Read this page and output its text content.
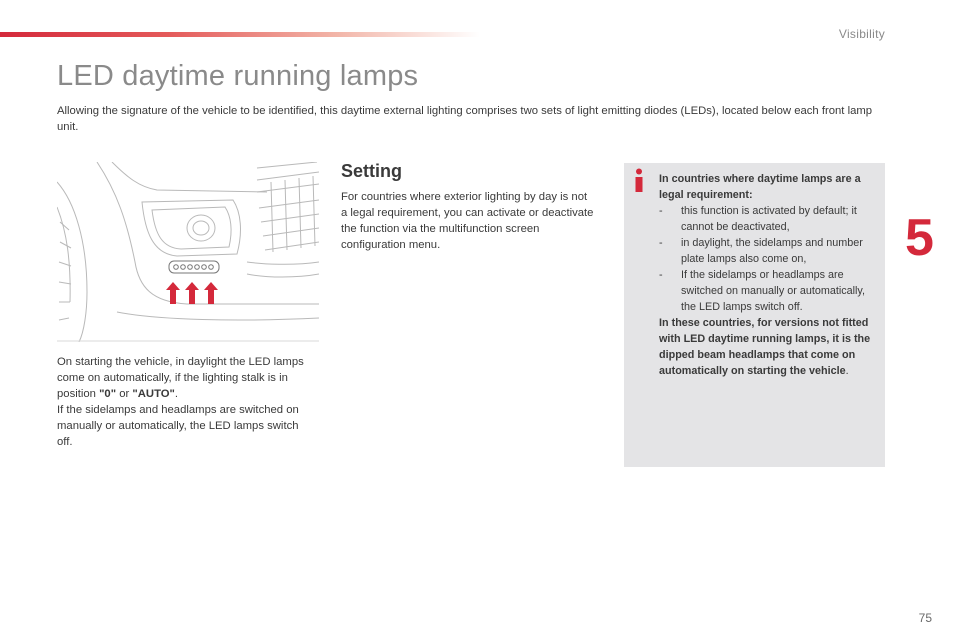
Visibility
LED daytime running lamps

Allowing the signature of the vehicle to be identified, this daytime external lighting comprises two sets of light emitting diodes (LEDs), located below each front lamp unit.

On starting the vehicle, in daylight the LED lamps come on automatically, if the lighting stalk is in position "0" or "AUTO".
If the sidelamps and headlamps are switched on manually or automatically, the LED lamps switch off.
Setting

For countries where exterior lighting by day is not a legal requirement, you can activate or deactivate the function via the multifunction screen configuration menu.

In countries where daytime lamps are a legal requirement:

- this function is activated by default; it cannot be deactivated,
- in daylight, the sidelamps and number plate lamps also come on,
- If the sidelamps or headlamps are switched on manually or automatically, the LED lamps switch off.

In these countries, for versions not fitted with LED daytime running lamps, it is the dipped beam headlamps that come on automatically on starting the vehicle.

5
75
